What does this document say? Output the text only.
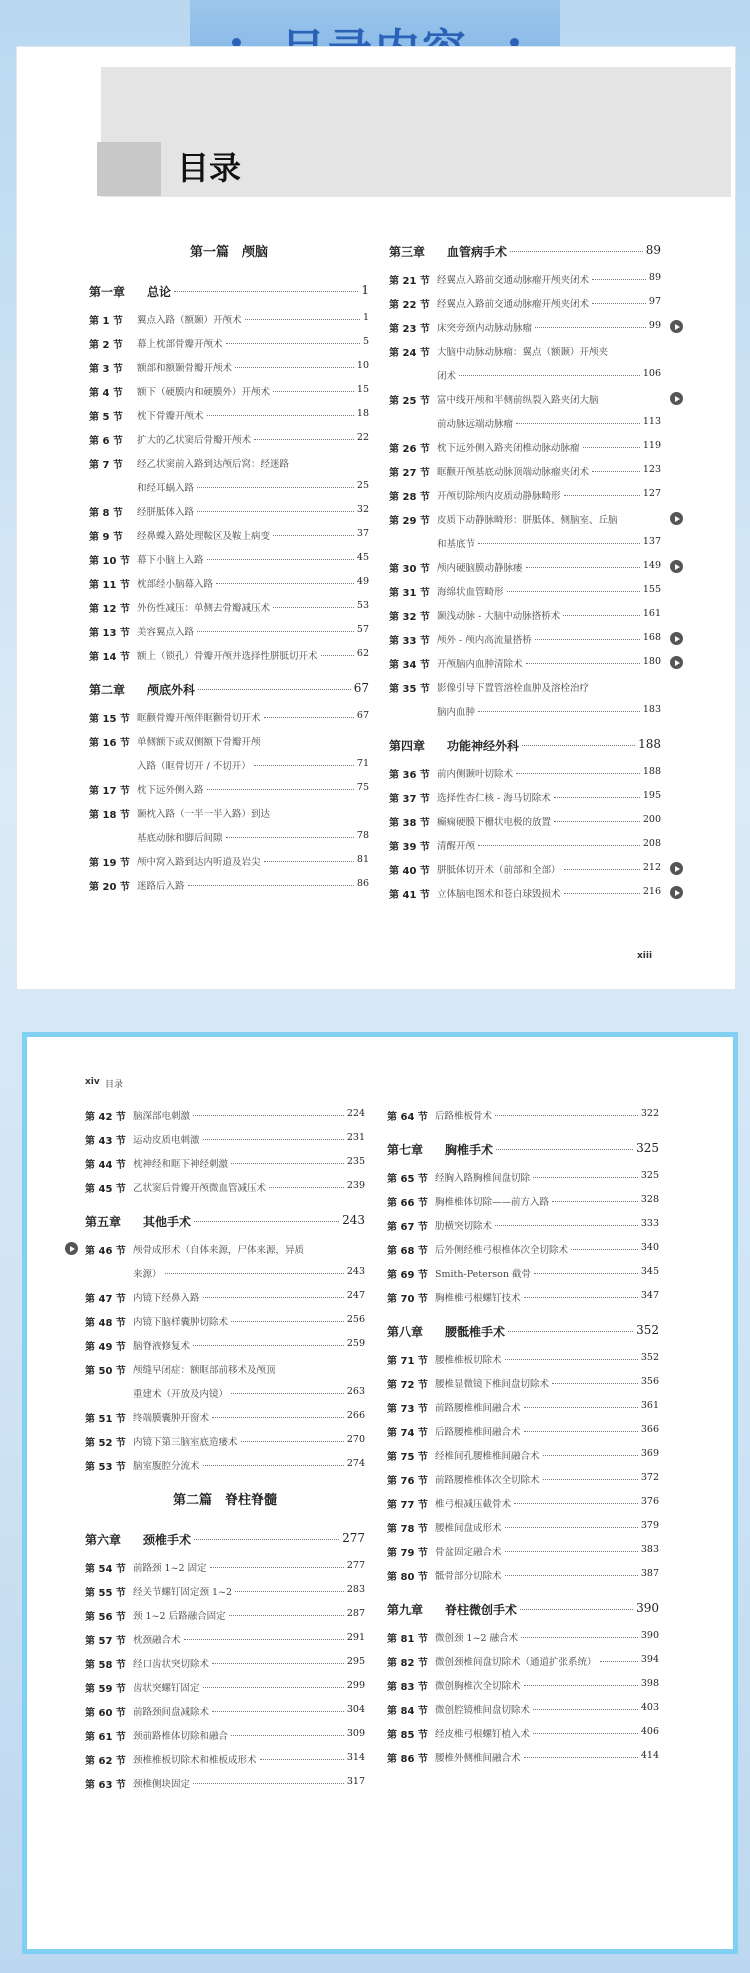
目录
第一篇　颅脑
第一章 总论	1
第 1 节	翼点入路（额颞）开颅术	1
第 2 节	幕上枕部骨瓣开颅术	5
第 3 节	额部和额颞骨瓣开颅术	10
第 4 节	额下（硬膜内和硬膜外）开颅术	15
第 5 节	枕下骨瓣开颅术	18
第 6 节	扩大的乙状窦后骨瓣开颅术	22
第 7 节	经乙状窦前入路到达颅后窝：经迷路
和经耳蜗入路	25
第 8 节	经胼胝体入路	32
第 9 节	经鼻蝶入路处理鞍区及鞍上病变	37
第 10 节 幕下小脑上入路	45
第 11 节 枕部经小脑幕入路	49
第 12 节 外伤性减压：单侧去骨瓣减压术	53
第 13 节 美容翼点入路	57
第 14 节 额上（锁孔）骨瓣开颅并选择性胼胝切开术	62
第二章 颅底外科	67
第 15 节 眶颧骨瓣开颅伴眶颧骨切开术	67
第 16 节 单侧额下或双侧额下骨瓣开颅
入路（眶骨切开 / 不切开）	71
第 17 节 枕下远外侧入路	75
第 18 节 颞枕入路（一半一半入路）到达
基底动脉和脚后间隙	78
第 19 节 颅中窝入路到达内听道及岩尖	81
第 20 节 迷路后入路	86
第三章 血管病手术	89
第 21 节 经翼点入路前交通动脉瘤开颅夹闭术	89
第 22 节 经翼点入路前交通动脉瘤开颅夹闭术	97
第 23 节 床突旁颈内动脉动脉瘤	99
第 24 节 大脑中动脉动脉瘤：翼点（额颞）开颅夹
闭术	106
第 25 节 富中线开颅和半侧前纵裂入路夹闭大脑
前动脉远端动脉瘤	113
第 26 节 枕下远外侧入路夹闭椎动脉动脉瘤	119
第 27 节 眶颧开颅基底动脉顶端动脉瘤夹闭术	123
第 28 节 开颅切除颅内皮质动静脉畸形	127
第 29 节 皮质下动静脉畸形：胼胝体、侧脑室、丘脑
和基底节	137
第 30 节 颅内硬脑膜动静脉瘘	149
第 31 节 海绵状血管畸形	155
第 32 节 颞浅动脉 - 大脑中动脉搭桥术	161
第 33 节 颅外 - 颅内高流量搭桥	168
第 34 节 开颅脑内血肿清除术	180
第 35 节 影像引导下置管溶栓血肿及溶栓治疗
脑内血肿	183
第四章 功能神经外科	188
第 36 节 前内侧颞叶切除术	188
第 37 节 选择性杏仁核 - 海马切除术	195
第 38 节 癫痫硬膜下栅状电极的放置	200
第 39 节 清醒开颅	208
第 40 节 胼胝体切开术（前部和全部）	212
第 41 节 立体脑电图术和苍白球毁损术	216
xiii
xiv 目录
第 42 节 脑深部电刺激	224
第 43 节 运动皮质电刺激	231
第 44 节 枕神经和眶下神经刺激	235
第 45 节 乙状窦后骨瓣开颅微血管减压术	239
第五章 其他手术	243
第 46 节 颅骨成形术（自体来源，尸体来源，异质
来源）	243
第 47 节 内镜下经鼻入路	247
第 48 节 内镜下脑样囊肿切除术	256
第 49 节 脑脊液修复术	259
第 50 节 颅缝早闭症：额眶部前移术及颅顶
重建术（开放及内镜）	263
第 51 节 终端膜囊肿开窗术	266
第 52 节 内镜下第三脑室底造瘘术	270
第 53 节 脑室腹腔分流术	274
第二篇　脊柱脊髓
第六章 颈椎手术	277
第 54 节 前路颈 1~2 固定	277
第 55 节 经关节螺钉固定颈 1~2	283
第 56 节 颈 1~2 后路融合固定	287
第 57 节 枕颈融合术	291
第 58 节 经口齿状突切除术	295
第 59 节 齿状突螺钉固定	299
第 60 节 前路颈间盘减除术	304
第 61 节 颈前路椎体切除和融合	309
第 62 节 颈椎椎板切除术和椎板成形术	314
第 63 节 颈椎侧块固定	317
第 64 节 后路椎板骨术	322
第七章 胸椎手术	325
第 65 节 经胸入路胸椎间盘切除	325
第 66 节 胸椎椎体切除——前方入路	328
第 67 节 肋横突切除术	333
第 68 节 后外侧经椎弓根椎体次全切除术	340
第 69 节 Smith-Peterson 截骨	345
第 70 节 胸椎椎弓根螺钉技术	347
第八章 腰骶椎手术	352
第 71 节 腰椎椎板切除术	352
第 72 节 腰椎显微镜下椎间盘切除术	356
第 73 节 前路腰椎椎间融合术	361
第 74 节 后路腰椎椎间融合术	366
第 75 节 经椎间孔腰椎椎间融合术	369
第 76 节 前路腰椎椎体次全切除术	372
第 77 节 椎弓根减压截骨术	376
第 78 节 腰椎间盘成形术	379
第 79 节 骨盆固定融合术	383
第 80 节 骶骨部分切除术	387
第九章 脊柱微创手术	390
第 81 节 微创颈 1~2 融合术	390
第 82 节 微创颈椎间盘切除术（通道扩张系统）	394
第 83 节 微创胸椎次全切除术	398
第 84 节 微创腔镜椎间盘切除术	403
第 85 节 经皮椎弓根螺钉植入术	406
第 86 节 腰椎外侧椎间融合术	414
